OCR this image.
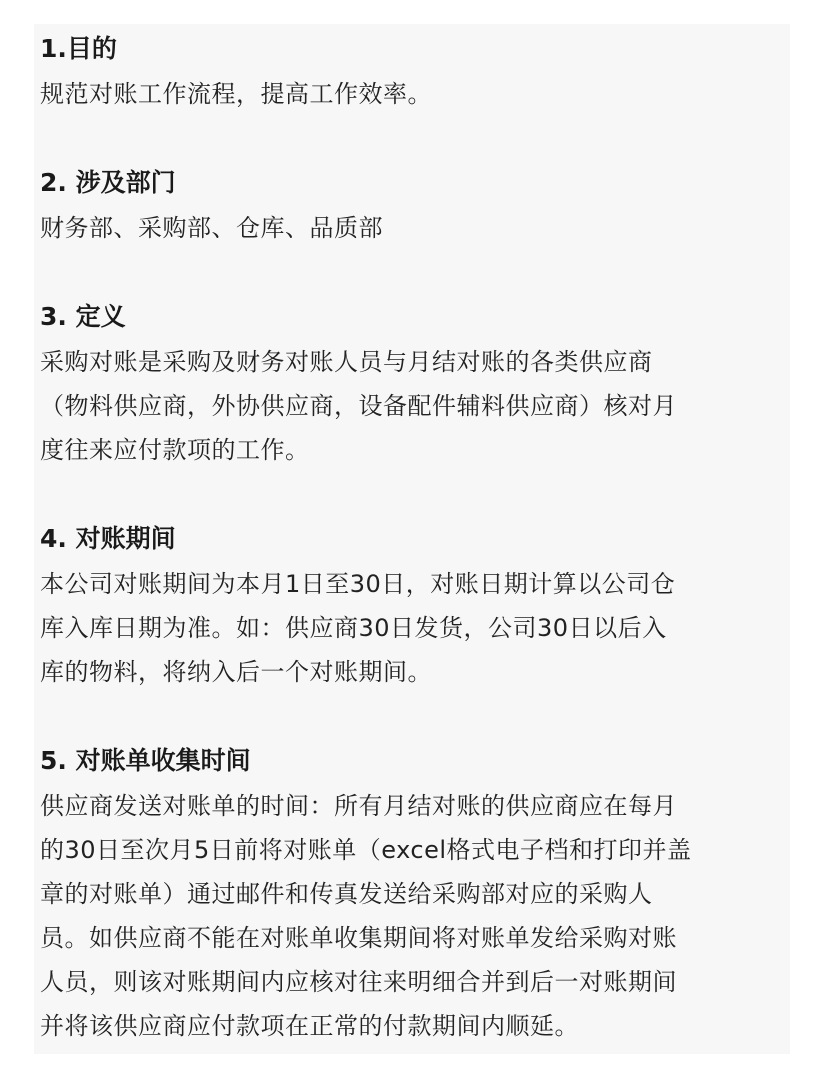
1.目的

规范对账工作流程，提高工作效率。

2. 涉及部门

财务部、采购部、仓库、品质部

3. 定义

采购对账是采购及财务对账人员与月结对账的各类供应商

（物料供应商，外协供应商，设备配件辅料供应商）核对月

度往来应付款项的工作。

4. 对账期间

本公司对账期间为本月1日至30日，对账日期计算以公司仓

库入库日期为准。如：供应商30日发货，公司30日以后入

库的物料，将纳入后一个对账期间。

5. 对账单收集时间

供应商发送对账单的时间：所有月结对账的供应商应在每月

的30日至次月5日前将对账单（excel格式电子档和打印并盖

章的对账单）通过邮件和传真发送给采购部对应的采购人

员。如供应商不能在对账单收集期间将对账单发给采购对账

人员，则该对账期间内应核对往来明细合并到后一对账期间

并将该供应商应付款项在正常的付款期间内顺延。
